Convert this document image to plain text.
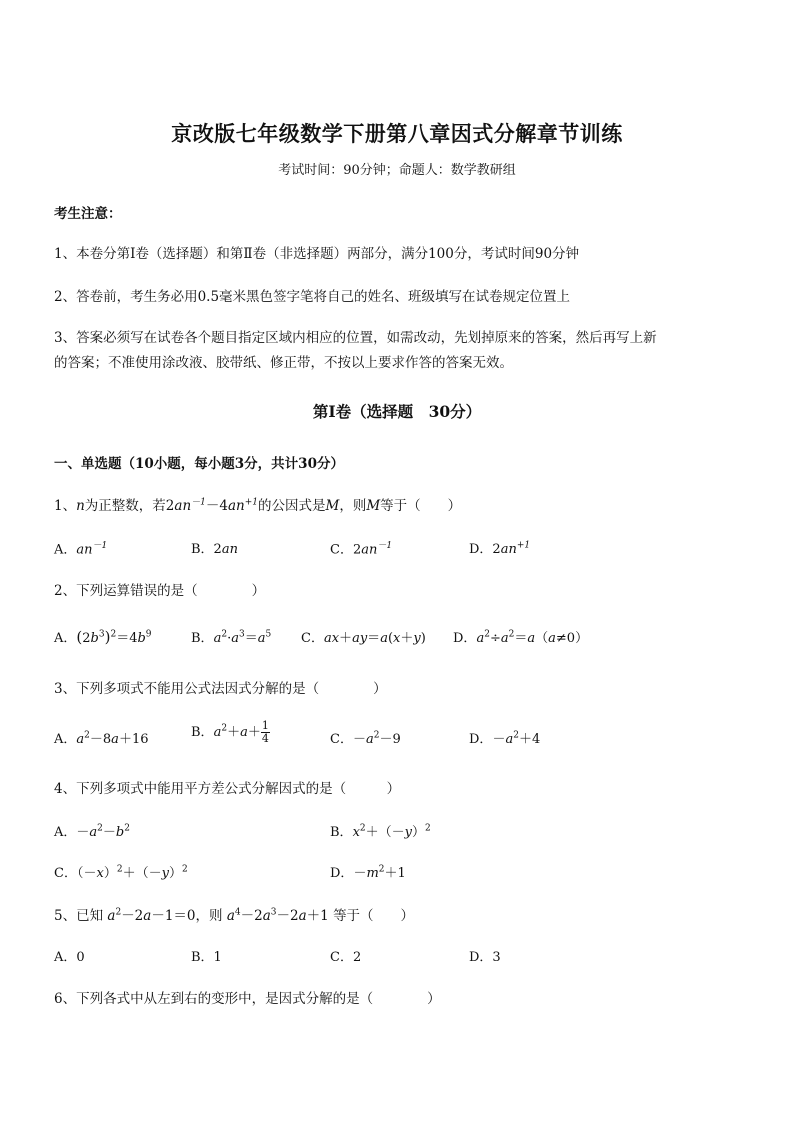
京改版七年级数学下册第八章因式分解章节训练
考试时间：90分钟；命题人：数学教研组
考生注意：
1、本卷分第Ⅰ卷（选择题）和第Ⅱ卷（非选择题）两部分，满分100分，考试时间90分钟
2、答卷前，考生务必用0.5毫米黑色签字笔将自己的姓名、班级填写在试卷规定位置上
3、答案必须写在试卷各个题目指定区域内相应的位置，如需改动，先划掉原来的答案，然后再写上新
的答案；不准使用涂改液、胶带纸、修正带，不按以上要求作答的答案无效。
第Ⅰ卷（选择题　30分）
一、单选题（10小题，每小题3分，共计30分）
1、n为正整数，若$2an^{-1}-4an^{+1}$的公因式是M，则M等于（　　）
A．$an^{-1}$	B．2an	C．$2an^{-1}$	D．$2an^{+1}$
2、下列运算错误的是（　　　　）
A．$(2b^3)^2=4b^9$	B．$a^2\cdot a^3=a^5$ C．ax＋ay＝a(x＋y) D．$a^2\div a^2=a(a\ne 0)$
3、下列多项式不能用公式法因式分解的是（　　　　）
A．$a^2-8a+16$	B．$a^2+a+ \frac{1}{4}$	C．$-a^2-9$	D．$-a^2+4$
4、下列多项式中能用平方差公式分解因式的是（　　　）
A．$-a^2-b^2$	B．$x^2+(-y)^2$
C．$(-x)^2+(-y)^2$	D．$-m^2+1$
5、已知 $a^2-2a-1=0$，则 $a^4-2a^3-2a+1$ 等于（　　）
A．0	B．1	C．2	D．3
6、下列各式中从左到右的变形中，是因式分解的是（　　　　）
